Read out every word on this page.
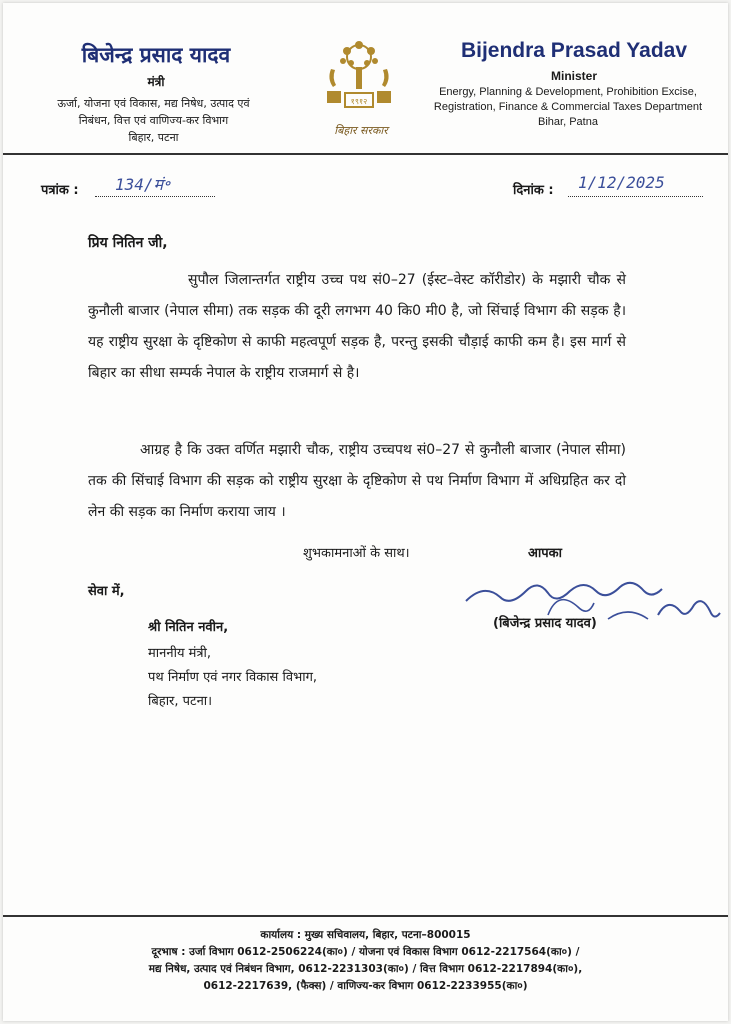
बिजेन्द्र प्रसाद यादव
मंत्री
ऊर्जा, योजना एवं विकास, मद्य निषेध, उत्पाद एवं
निबंधन, वित्त एवं वाणिज्य-कर विभाग
बिहार, पटना
१९१२
बिहार सरकार
Bijendra Prasad Yadav
Minister
Energy, Planning & Development, Prohibition Excise,
Registration, Finance & Commercial Taxes Department
Bihar, Patna
पत्रांक : 134/मं॰	दिनांक : 1/12/2025
प्रिय नितिन जी,
सुपौल जिलान्तर्गत राष्ट्रीय उच्च पथ सं0–27 (ईस्ट–वेस्ट कॉरीडोर) के मझारी चौक से कुनौली बाजार (नेपाल सीमा) तक सड़क की दूरी लगभग 40 कि0 मी0 है, जो सिंचाई विभाग की सड़क है। यह राष्ट्रीय सुरक्षा के दृष्टिकोण से काफी महत्वपूर्ण सड़क है, परन्तु इसकी चौड़ाई काफी कम है। इस मार्ग से बिहार का सीधा सम्पर्क नेपाल के राष्ट्रीय राजमार्ग से है।
आग्रह है कि उक्त वर्णित मझारी चौक, राष्ट्रीय उच्चपथ सं0–27 से कुनौली बाजार (नेपाल सीमा) तक की सिंचाई विभाग की सड़क को राष्ट्रीय सुरक्षा के दृष्टिकोण से पथ निर्माण विभाग में अधिग्रहित कर दो लेन की सड़क का निर्माण कराया जाय ।
शुभकामनाओं के साथ।	आपका
सेवा में,
(बिजेन्द्र प्रसाद यादव)
श्री नितिन नवीन,
माननीय मंत्री,
पथ निर्माण एवं नगर विकास विभाग,
बिहार, पटना।
कार्यालय : मुख्य सचिवालय, बिहार, पटना–800015
दूरभाष : उर्जा विभाग 0612-2506224(का०) / योजना एवं विकास विभाग 0612-2217564(का०) /
मद्य निषेध, उत्पाद एवं निबंधन विभाग, 0612-2231303(का०) / वित्त विभाग 0612-2217894(का०),
0612-2217639, (फैक्स) / वाणिज्य-कर विभाग 0612-2233955(का०)
